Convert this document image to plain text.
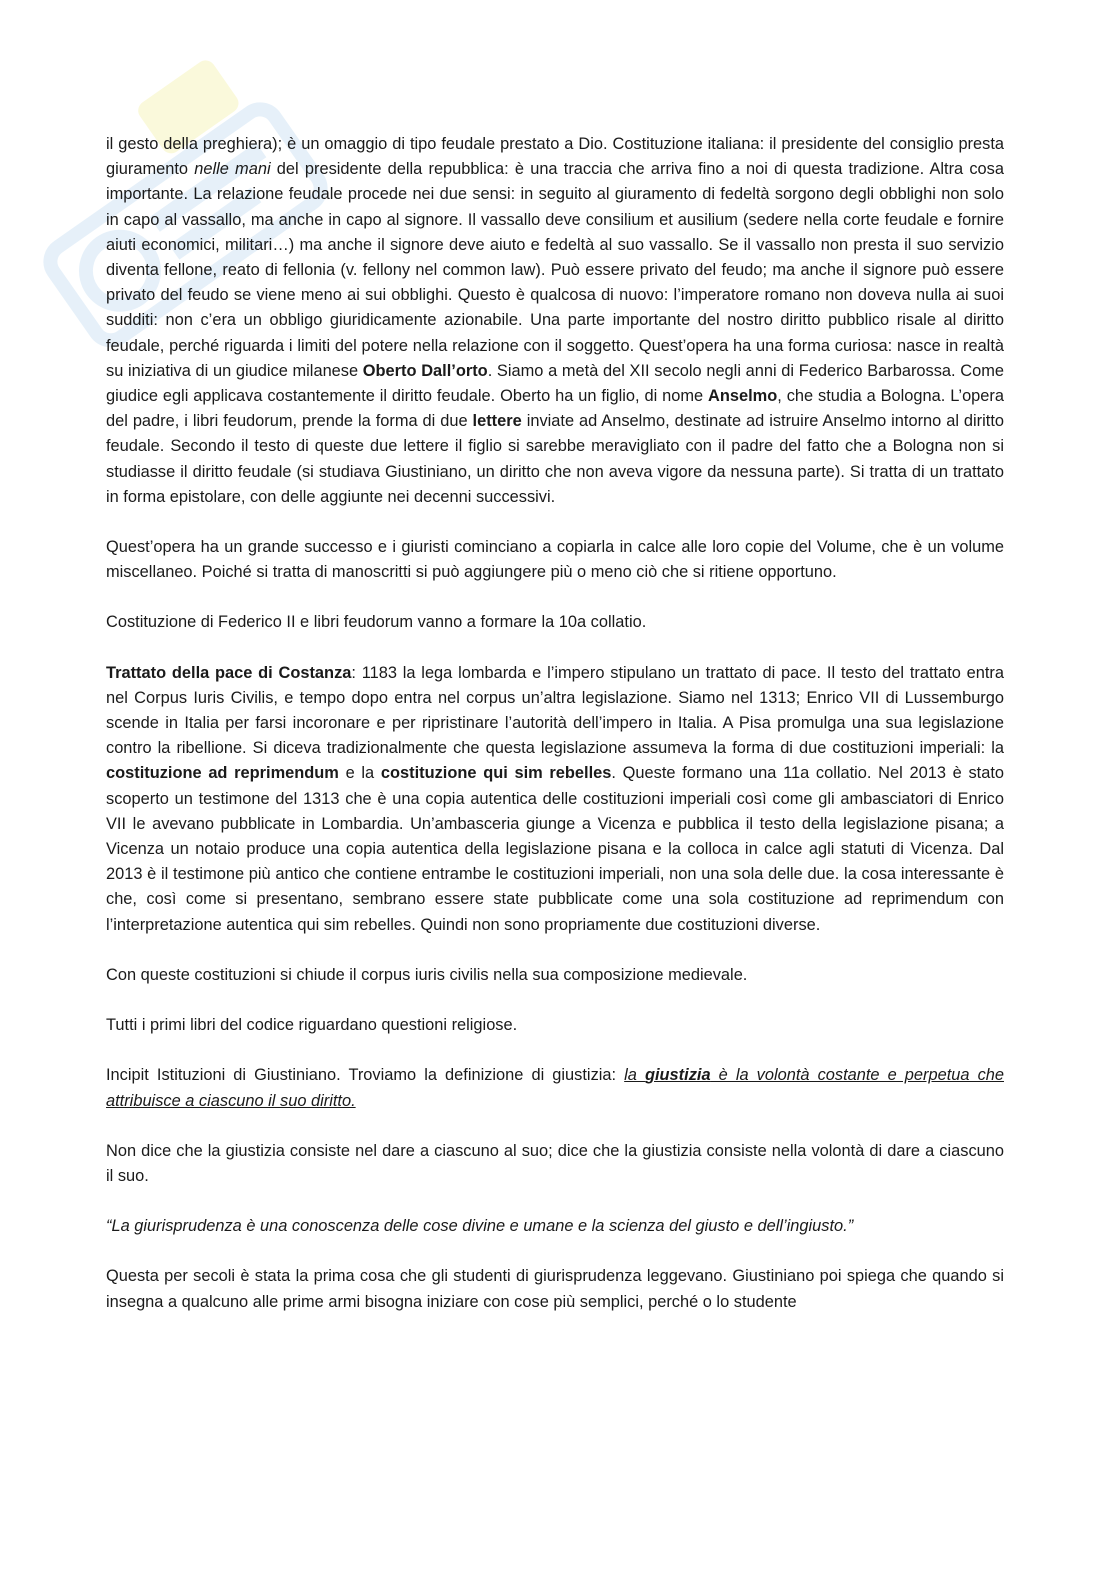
il gesto della preghiera); è un omaggio di tipo feudale prestato a Dio. Costituzione italiana: il presidente del consiglio presta giuramento nelle mani del presidente della repubblica: è una traccia che arriva fino a noi di questa tradizione. Altra cosa importante. La relazione feudale procede nei due sensi: in seguito al giuramento di fedeltà sorgono degli obblighi non solo in capo al vassallo, ma anche in capo al signore. Il vassallo deve consilium et ausilium (sedere nella corte feudale e fornire aiuti economici, militari…) ma anche il signore deve aiuto e fedeltà al suo vassallo. Se il vassallo non presta il suo servizio diventa fellone, reato di fellonia (v. fellony nel common law). Può essere privato del feudo; ma anche il signore può essere privato del feudo se viene meno ai sui obblighi. Questo è qualcosa di nuovo: l’imperatore romano non doveva nulla ai suoi sudditi: non c’era un obbligo giuridicamente azionabile. Una parte importante del nostro diritto pubblico risale al diritto feudale, perché riguarda i limiti del potere nella relazione con il soggetto. Quest’opera ha una forma curiosa: nasce in realtà su iniziativa di un giudice milanese Oberto Dall’orto. Siamo a metà del XII secolo negli anni di Federico Barbarossa. Come giudice egli applicava costantemente il diritto feudale. Oberto ha un figlio, di nome Anselmo, che studia a Bologna. L’opera del padre, i libri feudorum, prende la forma di due lettere inviate ad Anselmo, destinate ad istruire Anselmo intorno al diritto feudale. Secondo il testo di queste due lettere il figlio si sarebbe meravigliato con il padre del fatto che a Bologna non si studiasse il diritto feudale (si studiava Giustiniano, un diritto che non aveva vigore da nessuna parte). Si tratta di un trattato in forma epistolare, con delle aggiunte nei decenni successivi.

Quest’opera ha un grande successo e i giuristi cominciano a copiarla in calce alle loro copie del Volume, che è un volume miscellaneo. Poiché si tratta di manoscritti si può aggiungere più o meno ciò che si ritiene opportuno.

Costituzione di Federico II e libri feudorum vanno a formare la 10a collatio.

Trattato della pace di Costanza: 1183 la lega lombarda e l’impero stipulano un trattato di pace. Il testo del trattato entra nel Corpus Iuris Civilis, e tempo dopo entra nel corpus un’altra legislazione. Siamo nel 1313; Enrico VII di Lussemburgo scende in Italia per farsi incoronare e per ripristinare l’autorità dell’impero in Italia. A Pisa promulga una sua legislazione contro la ribellione. Si diceva tradizionalmente che questa legislazione assumeva la forma di due costituzioni imperiali: la costituzione ad reprimendum e la costituzione qui sim rebelles. Queste formano una 11a collatio. Nel 2013 è stato scoperto un testimone del 1313 che è una copia autentica delle costituzioni imperiali così come gli ambasciatori di Enrico VII le avevano pubblicate in Lombardia. Un’ambasceria giunge a Vicenza e pubblica il testo della legislazione pisana; a Vicenza un notaio produce una copia autentica della legislazione pisana e la colloca in calce agli statuti di Vicenza. Dal 2013 è il testimone più antico che contiene entrambe le costituzioni imperiali, non una sola delle due. la cosa interessante è che, così come si presentano, sembrano essere state pubblicate come una sola costituzione ad reprimendum con l’interpretazione autentica qui sim rebelles. Quindi non sono propriamente due costituzioni diverse.

Con queste costituzioni si chiude il corpus iuris civilis nella sua composizione medievale.

Tutti i primi libri del codice riguardano questioni religiose.

Incipit Istituzioni di Giustiniano. Troviamo la definizione di giustizia: la giustizia è la volontà costante e perpetua che attribuisce a ciascuno il suo diritto.

Non dice che la giustizia consiste nel dare a ciascuno al suo; dice che la giustizia consiste nella volontà di dare a ciascuno il suo.

“La giurisprudenza è una conoscenza delle cose divine e umane e la scienza del giusto e dell’ingiusto.”

Questa per secoli è stata la prima cosa che gli studenti di giurisprudenza leggevano. Giustiniano poi spiega che quando si insegna a qualcuno alle prime armi bisogna iniziare con cose più semplici, perché o lo studente
